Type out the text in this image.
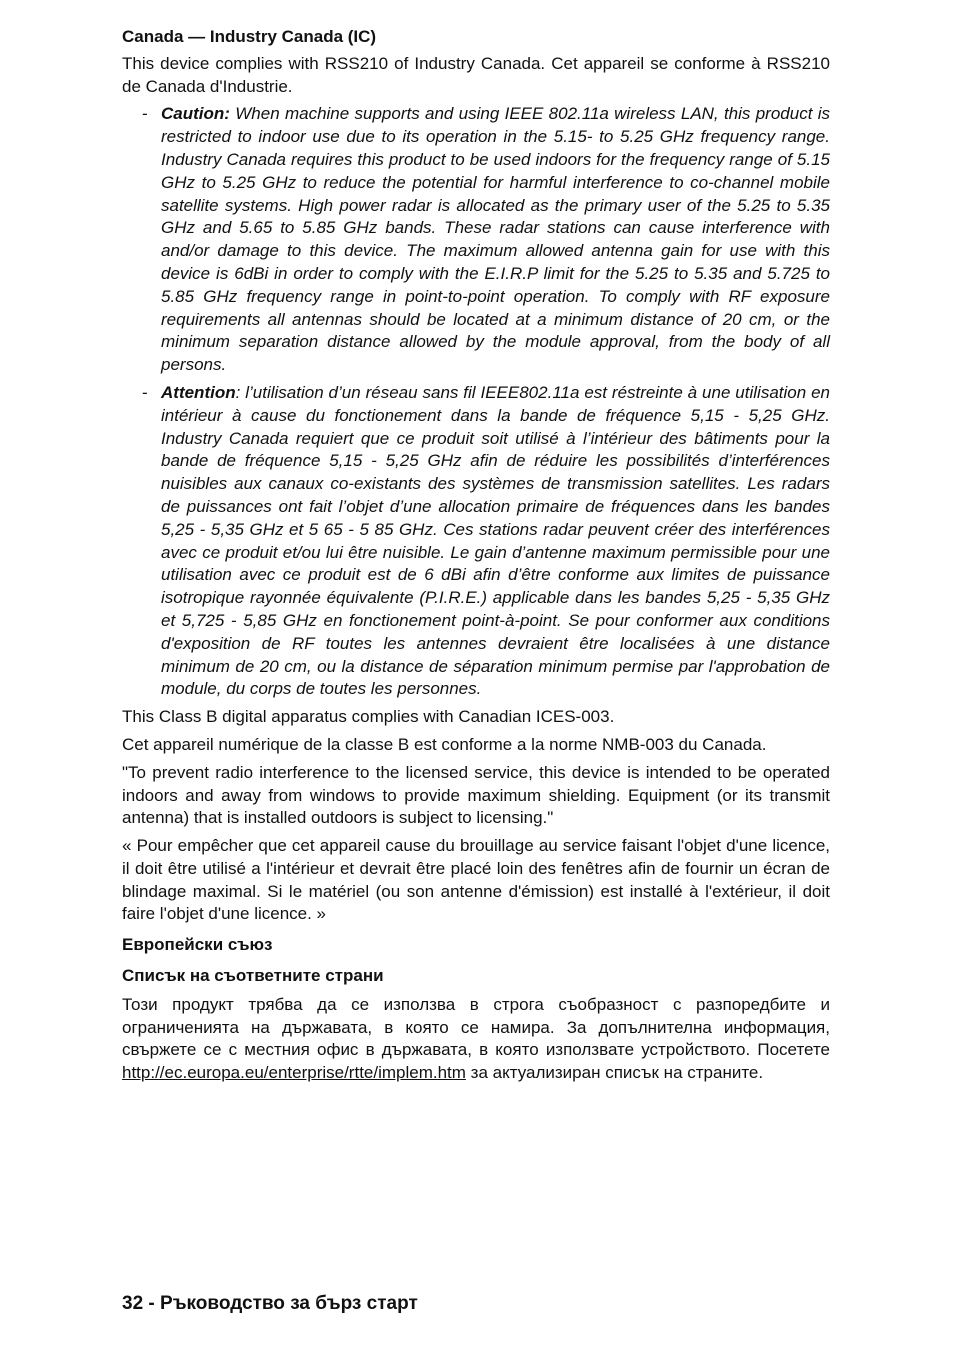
Canada — Industry Canada (IC)

This device complies with RSS210 of Industry Canada. Cet appareil se conforme à RSS210 de Canada d'Industrie.

- Caution: When machine supports and using IEEE 802.11a wireless LAN, this product is restricted to indoor use due to its operation in the 5.15- to 5.25 GHz frequency range. Industry Canada requires this product to be used indoors for the frequency range of 5.15 GHz to 5.25 GHz to reduce the potential for harmful interference to co-channel mobile satellite systems. High power radar is allocated as the primary user of the 5.25 to 5.35 GHz and 5.65 to 5.85 GHz bands. These radar stations can cause interference with and/or damage to this device. The maximum allowed antenna gain for use with this device is 6dBi in order to comply with the E.I.R.P limit for the 5.25 to 5.35 and 5.725 to 5.85 GHz frequency range in point-to-point operation. To comply with RF exposure requirements all antennas should be located at a minimum distance of 20 cm, or the minimum separation distance allowed by the module approval, from the body of all persons.
- Attention: l’utilisation d’un réseau sans fil IEEE802.11a est réstreinte à une utilisation en intérieur à cause du fonctionement dans la bande de fréquence 5,15 - 5,25 GHz. Industry Canada requiert que ce produit soit utilisé à l’intérieur des bâtiments pour la bande de fréquence 5,15 - 5,25 GHz afin de réduire les possibilités d’interférences nuisibles aux canaux co-existants des systèmes de transmission satellites. Les radars de puissances ont fait l’objet d’une allocation primaire de fréquences dans les bandes 5,25 - 5,35 GHz et 5 65 - 5 85 GHz. Ces stations radar peuvent créer des interférences avec ce produit et/ou lui être nuisible. Le gain d’antenne maximum permissible pour une utilisation avec ce produit est de 6 dBi afin d’être conforme aux limites de puissance isotropique rayonnée équivalente (P.I.R.E.) applicable dans les bandes 5,25 - 5,35 GHz et 5,725 - 5,85 GHz en fonctionement point-à-point. Se pour conformer aux conditions d'exposition de RF toutes les antennes devraient être localisées à une distance minimum de 20 cm, ou la distance de séparation minimum permise par l'approbation de module, du corps de toutes les personnes.

This Class B digital apparatus complies with Canadian ICES-003.

Cet appareil numérique de la classe B est conforme a la norme NMB-003 du Canada.

"To prevent radio interference to the licensed service, this device is intended to be operated indoors and away from windows to provide maximum shielding. Equipment (or its transmit antenna) that is installed outdoors is subject to licensing."

« Pour empêcher que cet appareil cause du brouillage au service faisant l'objet d'une licence, il doit être utilisé a l'intérieur et devrait être placé loin des fenêtres afin de fournir un écran de blindage maximal. Si le matériel (ou son antenne d'émission) est installé à l'extérieur, il doit faire l'objet d'une licence. »

Европейски съюз
Списък на съответните страни

Този продукт трябва да се използва в строга съобразност с разпоредбите и ограниченията на държавата, в която се намира. За допълнителна информация, свържете се с местния офис в държавата, в която използвате устройството. Посетете http://ec.europa.eu/enterprise/rtte/implem.htm за актуализиран списък на страните.

32 - Ръководство за бърз старт
